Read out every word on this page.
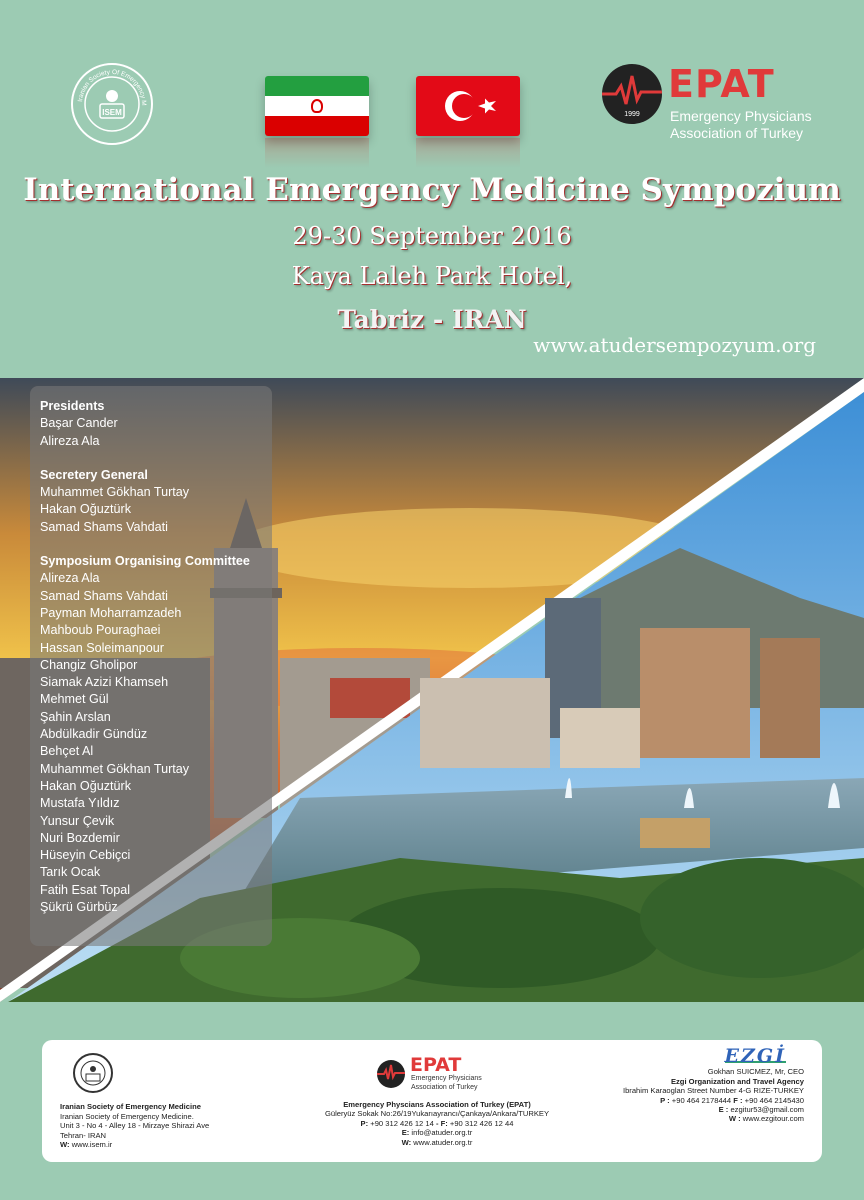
Iranian Society Of Emergency M
ISEM	1999
EPAT
Emergency Physicians
Association of Turkey
International Emergency Medicine Sympozium
29-30 September 2016
Kaya Laleh Park Hotel,
Tabriz - IRAN
www.atudersempozyum.org
Presidents
Başar Cander
Alireza Ala
Secretery General
Muhammet Gökhan Turtay
Hakan Oğuztürk
Samad Shams Vahdati
Symposium Organising Committee
Alireza Ala
Samad Shams Vahdati
Payman Moharramzadeh
Mahboub Pouraghaei
Hassan Soleimanpour
Changiz Gholipor
Siamak Azizi Khamseh
Mehmet Gül
Şahin Arslan
Abdülkadir Gündüz
Behçet Al
Muhammet Gökhan Turtay
Hakan Oğuztürk
Mustafa Yıldız
Yunsur Çevik
Nuri Bozdemir
Hüseyin Cebiçci
Tarık Ocak
Fatih Esat Topal
Şükrü Gürbüz
Iranian Society of Emergency Medicine
Iranian Society of Emergency Medicine.
Unit 3 - No 4 - Alley 18 - Mirzaye Shirazi Ave
Tehran- IRAN
W: www.isem.ir
EPAT
Emergency Physicians
Association of Turkey
Emergency Physcians Association of Turkey (EPAT)
Güleryüz Sokak No:26/19Yukarıayrancı/Çankaya/Ankara/TURKEY
P: +90 312 426 12 14 - F: +90 312 426 12 44
E: info@atuder.org.tr
W: www.atuder.org.tr
EZGİ
Gokhan SUICMEZ, Mr, CEO
Ezgi Organization and Travel Agency
Ibrahim Karaoglan Street Number 4-G RIZE-TURKEY
P : +90 464 2178444 F : +90 464 2145430
E : ezgitur53@gmail.com
W : www.ezgitour.com
